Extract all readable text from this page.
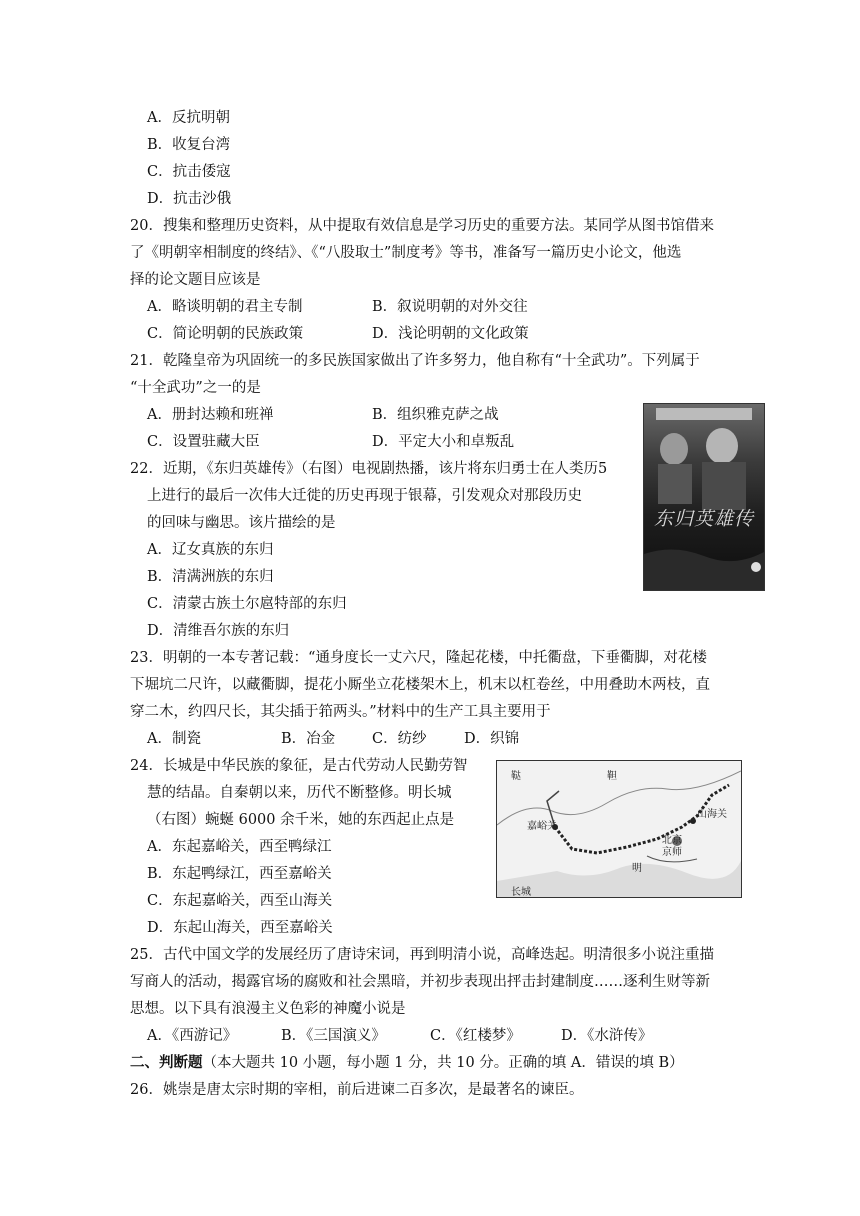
A．反抗明朝
B．收复台湾
C．抗击倭寇
D．抗击沙俄
20．搜集和整理历史资料，从中提取有效信息是学习历史的重要方法。某同学从图书馆借来
了《明朝宰相制度的终结》、《“八股取士”制度考》等书，准备写一篇历史小论文，他选
择的论文题目应该是
A．略谈明朝的君主专制	B．叙说明朝的对外交往
C．简论明朝的民族政策	D．浅论明朝的文化政策
21．乾隆皇帝为巩固统一的多民族国家做出了许多努力，他自称有“十全武功”。下列属于
“十全武功”之一的是
A．册封达赖和班禅	B．组织雅克萨之战
C．设置驻藏大臣	D．平定大小和卓叛乱
东归英雄传
22．近期，《东归英雄传》（右图）电视剧热播，该片将东归勇士在人类历5
上进行的最后一次伟大迁徙的历史再现于银幕，引发观众对那段历史
的回味与幽思。该片描绘的是
A．辽女真族的东归
B．清满洲族的东归
C．清蒙古族土尔扈特部的东归
D．清维吾尔族的东归
23．明朝的一本专著记载：“通身度长一丈六尺，隆起花楼，中托衢盘，下垂衢脚，对花楼
下堀坑二尺许，以藏衢脚，提花小厮坐立花楼架木上，机末以杠卷丝，中用叠助木两枝，直
穿二木，约四尺长，其尖插于筘两头。”材料中的生产工具主要用于
A．制瓷	B．冶金	C．纺纱	D．织锦
鞑	靼
嘉峪关
山海关
北京
京师
明
长城
24．长城是中华民族的象征，是古代劳动人民勤劳智
慧的结晶。自秦朝以来，历代不断整修。明长城
（右图）蜿蜒 6000 余千米，她的东西起止点是
A．东起嘉峪关，西至鸭绿江
B．东起鸭绿江，西至嘉峪关
C．东起嘉峪关，西至山海关
D．东起山海关，西至嘉峪关
25．古代中国文学的发展经历了唐诗宋词，再到明清小说，高峰迭起。明清很多小说注重描
写商人的活动，揭露官场的腐败和社会黑暗，并初步表现出抨击封建制度……逐利生财等新
思想。以下具有浪漫主义色彩的神魔小说是
A．《西游记》	B．《三国演义》	C．《红楼梦》	D．《水浒传》
二、判断题（本大题共 10 小题，每小题 1 分，共 10 分。正确的填 A．错误的填 B）
26．姚崇是唐太宗时期的宰相，前后进谏二百多次，是最著名的谏臣。
